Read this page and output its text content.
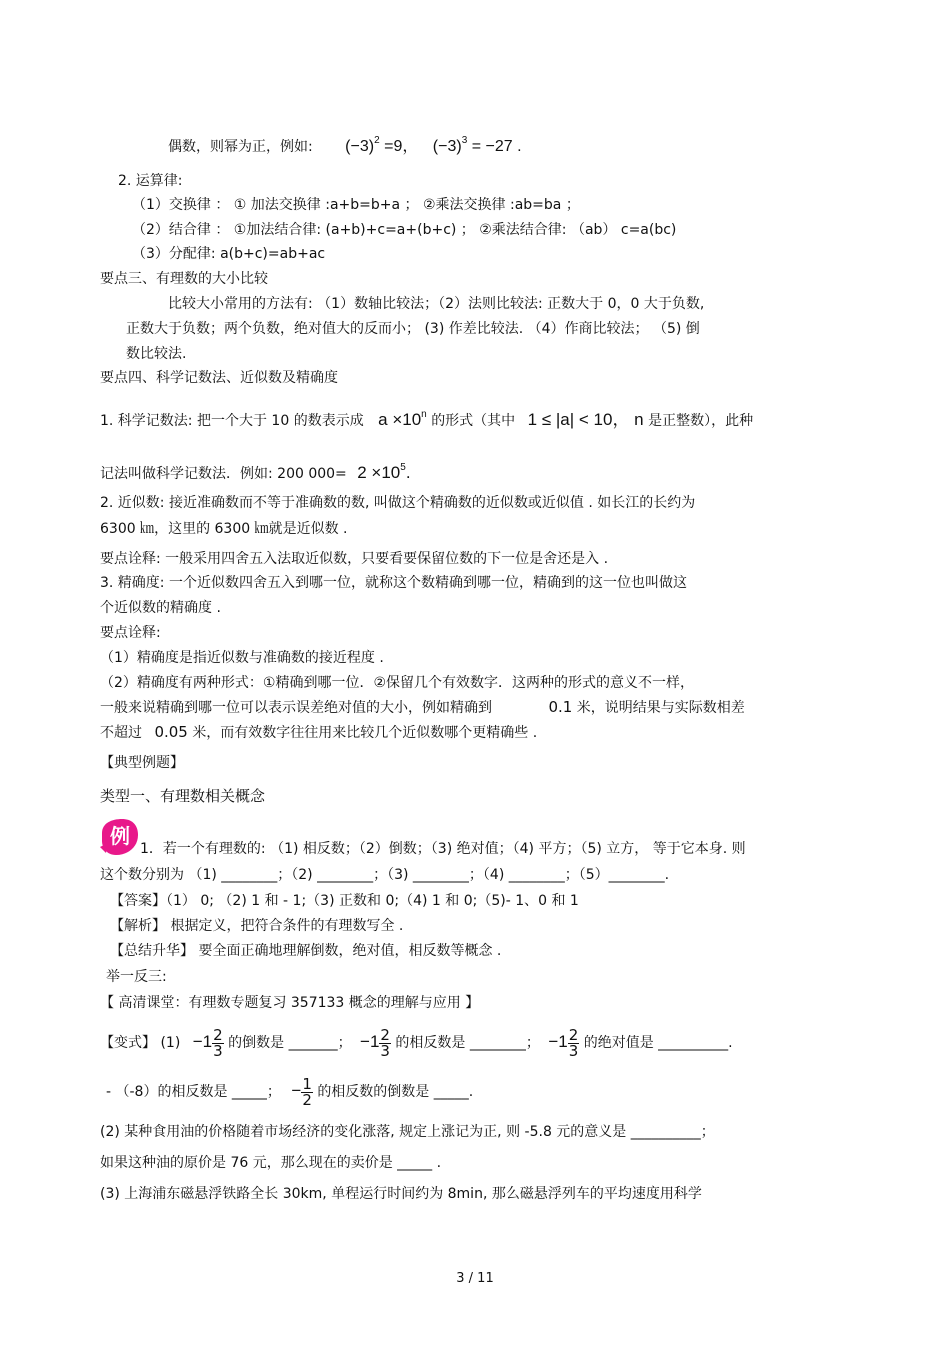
偶数，则幂为正，例如: $(-3)^2 =9$， $(-3)^3 = -27$ .
2. 运算律:
（1）交换律 ： ① 加法交换律 :a+b=b+a ； ②乘法交换律 :ab=ba ；
（2）结合律 ： ①加法结合律: (a+b)+c=a+(b+c) ； ②乘法结合律: （ab） c=a(bc)
（3）分配律: a(b+c)=ab+ac
要点三、有理数的大小比较
比较大小常用的方法有: （1）数轴比较法；（2）法则比较法: 正数大于 0，0 大于负数,
正数大于负数；两个负数，绝对值大的反而小； (3) 作差比较法. （4）作商比较法； （5) 倒
数比较法.
要点四、科学记数法、近似数及精确度
1. 科学记数法: 把一个大于 10 的数表示成 $a \times 10^n$ 的形式（其中 1 ≤ |a| < 10， n 是正整数），此种
记法叫做科学记数法．例如: 200 $000= 2 \times 10^5$.
2. 近似数: 接近准确数而不等于准确数的数, 叫做这个精确数的近似数或近似值 . 如长江的长约为
6300 ㎞，这里的 6300 ㎞就是近似数 .
要点诠释: 一般采用四舍五入法取近似数，只要看要保留位数的下一位是舍还是入 .
3. 精确度: 一个近似数四舍五入到哪一位，就称这个数精确到哪一位，精确到的这一位也叫做这
个近似数的精确度 .
要点诠释:
（1）精确度是指近似数与准确数的接近程度 .
（2）精确度有两种形式：①精确到哪一位．②保留几个有效数字．这两种的形式的意义不一样，
一般来说精确到哪一位可以表示误差绝对值的大小，例如精确到	0.1 米，说明结果与实际数相差
不超过 0.05 米，而有效数字往往用来比较几个近似数哪个更精确些 .
【典型例题】
类型一、有理数相关概念
例
1．若一个有理数的: （1) 相反数；（2）倒数；（3) 绝对值；（4) 平方；（5) 立方， 等于它本身. 则
这个数分别为 （1) ________；（2) ________；（3) ________；（4) ________；（5）________.
【答案】（1） 0; （2) 1 和 - 1;（3) 正数和 0;（4) 1 和 0;（5)- 1、0 和 1
【解析】 根据定义，把符合条件的有理数写全 .
【总结升华】 要全面正确地理解倒数，绝对值，相反数等概念 .
举一反三:
【 高清课堂：有理数专题复习 357133 概念的理解与应用 】
【变式】 $(1) -1 \frac{2}{3}$ 的倒数是 _______； $-1 \frac{2}{3}$ 的相反数是 ________； $-1 \frac{2}{3}$ 的绝对值是 __________.
- （-8）的相反数是 _____； − $\frac{1}{2}$ 的相反数的倒数是 _____.
(2) 某种食用油的价格随着市场经济的变化涨落, 规定上涨记为正, 则 -5.8 元的意义是 __________；
如果这种油的原价是 76 元，那么现在的卖价是 _____ .
(3) 上海浦东磁悬浮铁路全长 30km, 单程运行时间约为 8min, 那么磁悬浮列车的平均速度用科学
3 / 11
